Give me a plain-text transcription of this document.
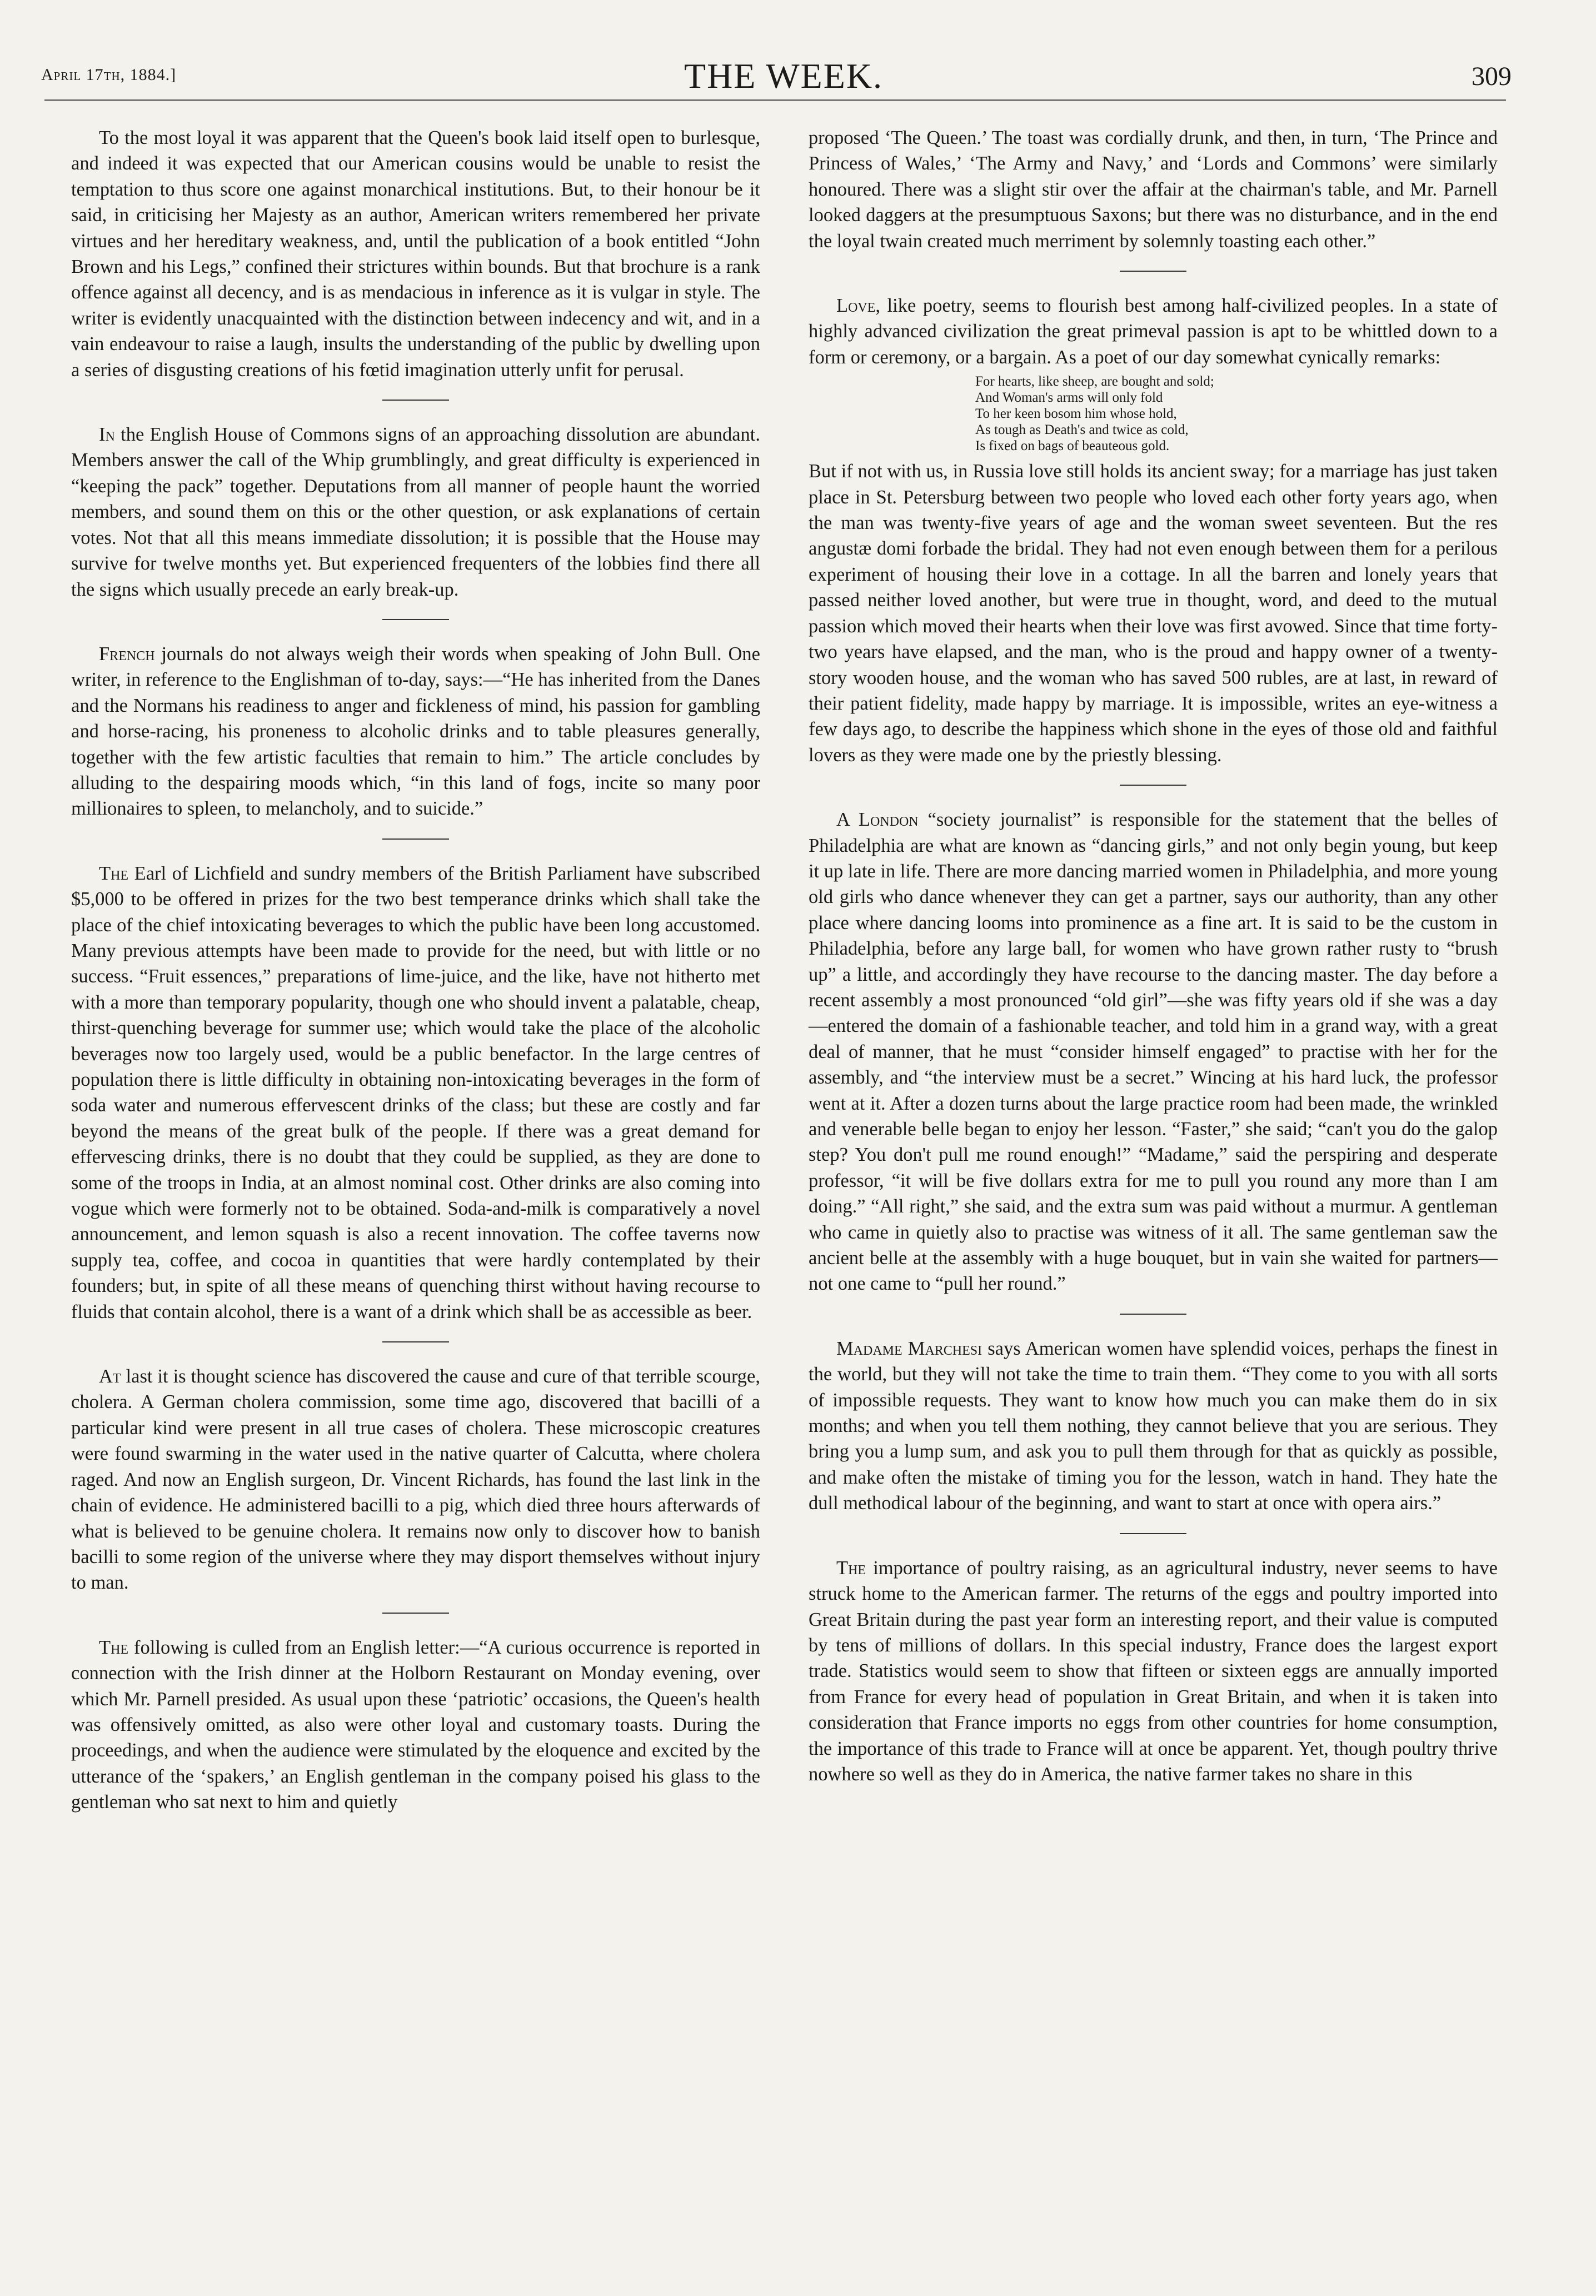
April 17th, 1884.]	THE WEEK.	309

To the most loyal it was apparent that the Queen's book laid itself open to burlesque, and indeed it was expected that our American cousins would be unable to resist the temptation to thus score one against monarchical institutions. But, to their honour be it said, in criticising her Majesty as an author, American writers remembered her private virtues and her hereditary weakness, and, until the publication of a book entitled “John Brown and his Legs,” confined their strictures within bounds. But that brochure is a rank offence against all decency, and is as mendacious in inference as it is vulgar in style. The writer is evidently unacquainted with the distinction between indecency and wit, and in a vain endeavour to raise a laugh, insults the understanding of the public by dwelling upon a series of disgusting creations of his fœtid imagination utterly unfit for perusal.

In the English House of Commons signs of an approaching dissolution are abundant. Members answer the call of the Whip grumblingly, and great difficulty is experienced in “keeping the pack” together. Deputations from all manner of people haunt the worried members, and sound them on this or the other question, or ask explanations of certain votes. Not that all this means immediate dissolution; it is possible that the House may survive for twelve months yet. But experienced frequenters of the lobbies find there all the signs which usually precede an early break-up.

French journals do not always weigh their words when speaking of John Bull. One writer, in reference to the Englishman of to-day, says:—“He has inherited from the Danes and the Normans his readiness to anger and fickleness of mind, his passion for gambling and horse-racing, his proneness to alcoholic drinks and to table pleasures generally, together with the few artistic faculties that remain to him.” The article concludes by alluding to the despairing moods which, “in this land of fogs, incite so many poor millionaires to spleen, to melancholy, and to suicide.”

The Earl of Lichfield and sundry members of the British Parliament have subscribed $5,000 to be offered in prizes for the two best temperance drinks which shall take the place of the chief intoxicating beverages to which the public have been long accustomed. Many previous attempts have been made to provide for the need, but with little or no success. “Fruit essences,” preparations of lime-juice, and the like, have not hitherto met with a more than temporary popularity, though one who should invent a palatable, cheap, thirst-quenching beverage for summer use; which would take the place of the alcoholic beverages now too largely used, would be a public benefactor. In the large centres of population there is little difficulty in obtaining non-intoxicating beverages in the form of soda water and numerous effervescent drinks of the class; but these are costly and far beyond the means of the great bulk of the people. If there was a great demand for effervescing drinks, there is no doubt that they could be supplied, as they are done to some of the troops in India, at an almost nominal cost. Other drinks are also coming into vogue which were formerly not to be obtained. Soda-and-milk is comparatively a novel announcement, and lemon squash is also a recent innovation. The coffee taverns now supply tea, coffee, and cocoa in quantities that were hardly contemplated by their founders; but, in spite of all these means of quenching thirst without having recourse to fluids that contain alcohol, there is a want of a drink which shall be as accessible as beer.

At last it is thought science has discovered the cause and cure of that terrible scourge, cholera. A German cholera commission, some time ago, discovered that bacilli of a particular kind were present in all true cases of cholera. These microscopic creatures were found swarming in the water used in the native quarter of Calcutta, where cholera raged. And now an English surgeon, Dr. Vincent Richards, has found the last link in the chain of evidence. He administered bacilli to a pig, which died three hours afterwards of what is believed to be genuine cholera. It remains now only to discover how to banish bacilli to some region of the universe where they may disport themselves without injury to man.

The following is culled from an English letter:—“A curious occurrence is reported in connection with the Irish dinner at the Holborn Restaurant on Monday evening, over which Mr. Parnell presided. As usual upon these ‘patriotic’ occasions, the Queen's health was offensively omitted, as also were other loyal and customary toasts. During the proceedings, and when the audience were stimulated by the eloquence and excited by the utterance of the ‘spakers,’ an English gentleman in the company poised his glass to the gentleman who sat next to him and quietly

proposed ‘The Queen.’ The toast was cordially drunk, and then, in turn, ‘The Prince and Princess of Wales,’ ‘The Army and Navy,’ and ‘Lords and Commons’ were similarly honoured. There was a slight stir over the affair at the chairman's table, and Mr. Parnell looked daggers at the presumptuous Saxons; but there was no disturbance, and in the end the loyal twain created much merriment by solemnly toasting each other.”

Love, like poetry, seems to flourish best among half-civilized peoples. In a state of highly advanced civilization the great primeval passion is apt to be whittled down to a form or ceremony, or a bargain. As a poet of our day somewhat cynically remarks:

For hearts, like sheep, are bought and sold;
And Woman's arms will only fold
To her keen bosom him whose hold,
As tough as Death's and twice as cold,
Is fixed on bags of beauteous gold.

But if not with us, in Russia love still holds its ancient sway; for a marriage has just taken place in St. Petersburg between two people who loved each other forty years ago, when the man was twenty-five years of age and the woman sweet seventeen. But the res angustæ domi forbade the bridal. They had not even enough between them for a perilous experiment of housing their love in a cottage. In all the barren and lonely years that passed neither loved another, but were true in thought, word, and deed to the mutual passion which moved their hearts when their love was first avowed. Since that time forty-two years have elapsed, and the man, who is the proud and happy owner of a twenty-story wooden house, and the woman who has saved 500 rubles, are at last, in reward of their patient fidelity, made happy by marriage. It is impossible, writes an eye-witness a few days ago, to describe the happiness which shone in the eyes of those old and faithful lovers as they were made one by the priestly blessing.

A London “society journalist” is responsible for the statement that the belles of Philadelphia are what are known as “dancing girls,” and not only begin young, but keep it up late in life. There are more dancing married women in Philadelphia, and more young old girls who dance whenever they can get a partner, says our authority, than any other place where dancing looms into prominence as a fine art. It is said to be the custom in Philadelphia, before any large ball, for women who have grown rather rusty to “brush up” a little, and accordingly they have recourse to the dancing master. The day before a recent assembly a most pronounced “old girl”—she was fifty years old if she was a day—entered the domain of a fashionable teacher, and told him in a grand way, with a great deal of manner, that he must “consider himself engaged” to practise with her for the assembly, and “the interview must be a secret.” Wincing at his hard luck, the professor went at it. After a dozen turns about the large practice room had been made, the wrinkled and venerable belle began to enjoy her lesson. “Faster,” she said; “can't you do the galop step? You don't pull me round enough!” “Madame,” said the perspiring and desperate professor, “it will be five dollars extra for me to pull you round any more than I am doing.” “All right,” she said, and the extra sum was paid without a murmur. A gentleman who came in quietly also to practise was witness of it all. The same gentleman saw the ancient belle at the assembly with a huge bouquet, but in vain she waited for partners—not one came to “pull her round.”

Madame Marchesi says American women have splendid voices, perhaps the finest in the world, but they will not take the time to train them. “They come to you with all sorts of impossible requests. They want to know how much you can make them do in six months; and when you tell them nothing, they cannot believe that you are serious. They bring you a lump sum, and ask you to pull them through for that as quickly as possible, and make often the mistake of timing you for the lesson, watch in hand. They hate the dull methodical labour of the beginning, and want to start at once with opera airs.”

The importance of poultry raising, as an agricultural industry, never seems to have struck home to the American farmer. The returns of the eggs and poultry imported into Great Britain during the past year form an interesting report, and their value is computed by tens of millions of dollars. In this special industry, France does the largest export trade. Statistics would seem to show that fifteen or sixteen eggs are annually imported from France for every head of population in Great Britain, and when it is taken into consideration that France imports no eggs from other countries for home consumption, the importance of this trade to France will at once be apparent. Yet, though poultry thrive nowhere so well as they do in America, the native farmer takes no share in this
